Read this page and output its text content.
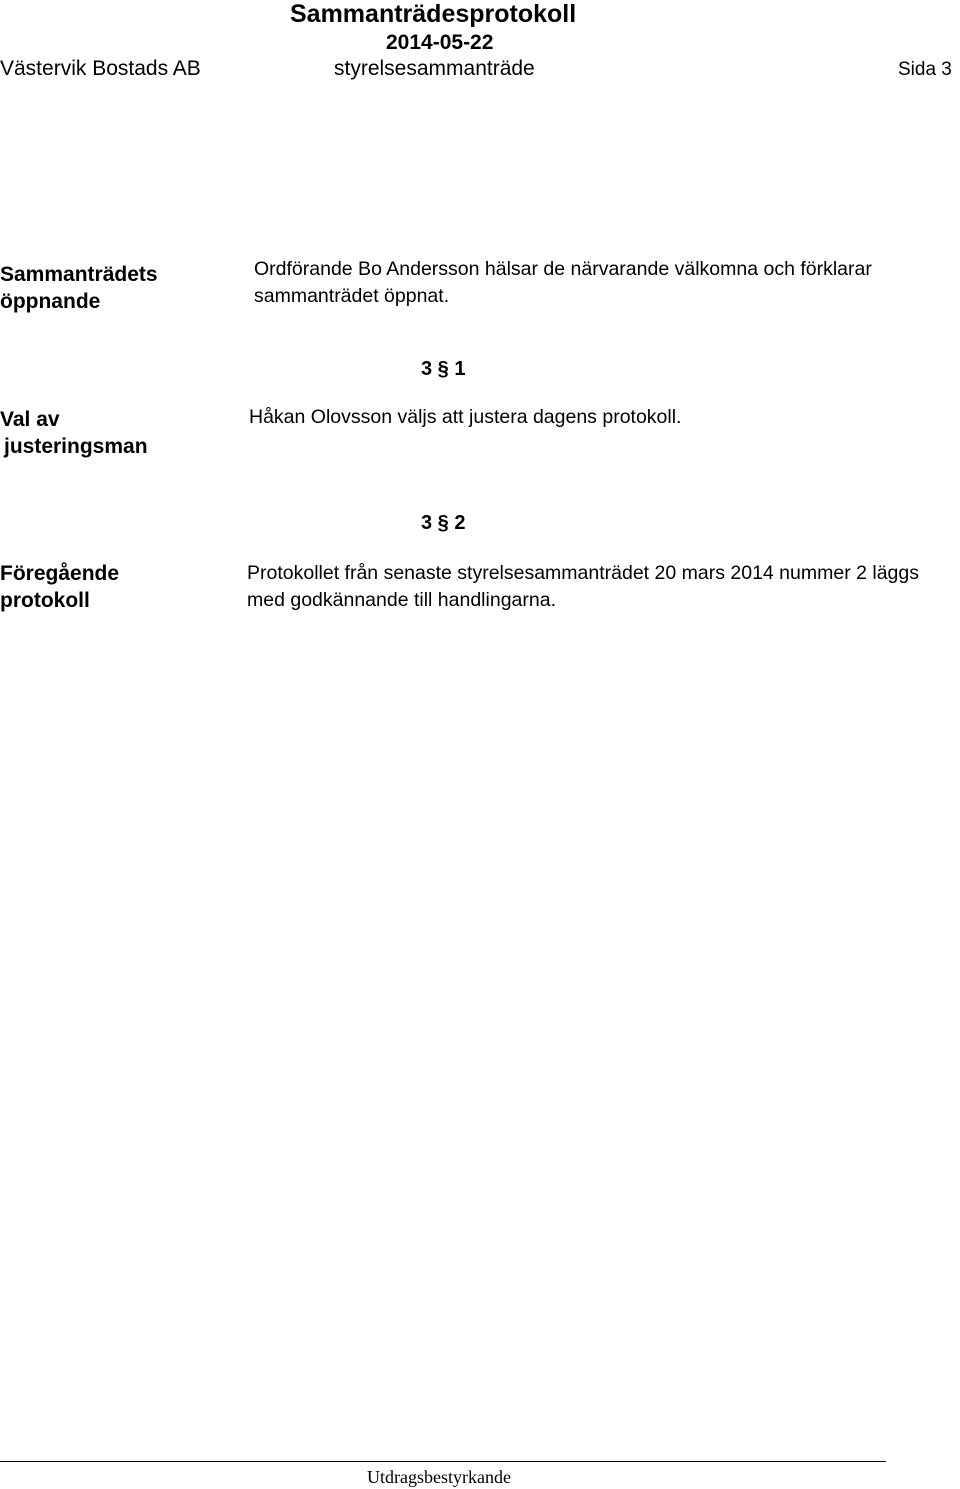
Sammanträdesprotokoll
2014-05-22
Västervik Bostads AB	styrelsesammanträde	Sida 3
Sammanträdets
öppnande
Ordförande Bo Andersson hälsar de närvarande välkomna och förklarar sammanträdet öppnat.
3 § 1
Val av
justeringsman
Håkan Olovsson väljs att justera dagens protokoll.
3 § 2
Föregående
protokoll
Protokollet från senaste styrelsesammanträdet 20 mars 2014 nummer 2 läggs med godkännande till handlingarna.
Utdragsbestyrkande
